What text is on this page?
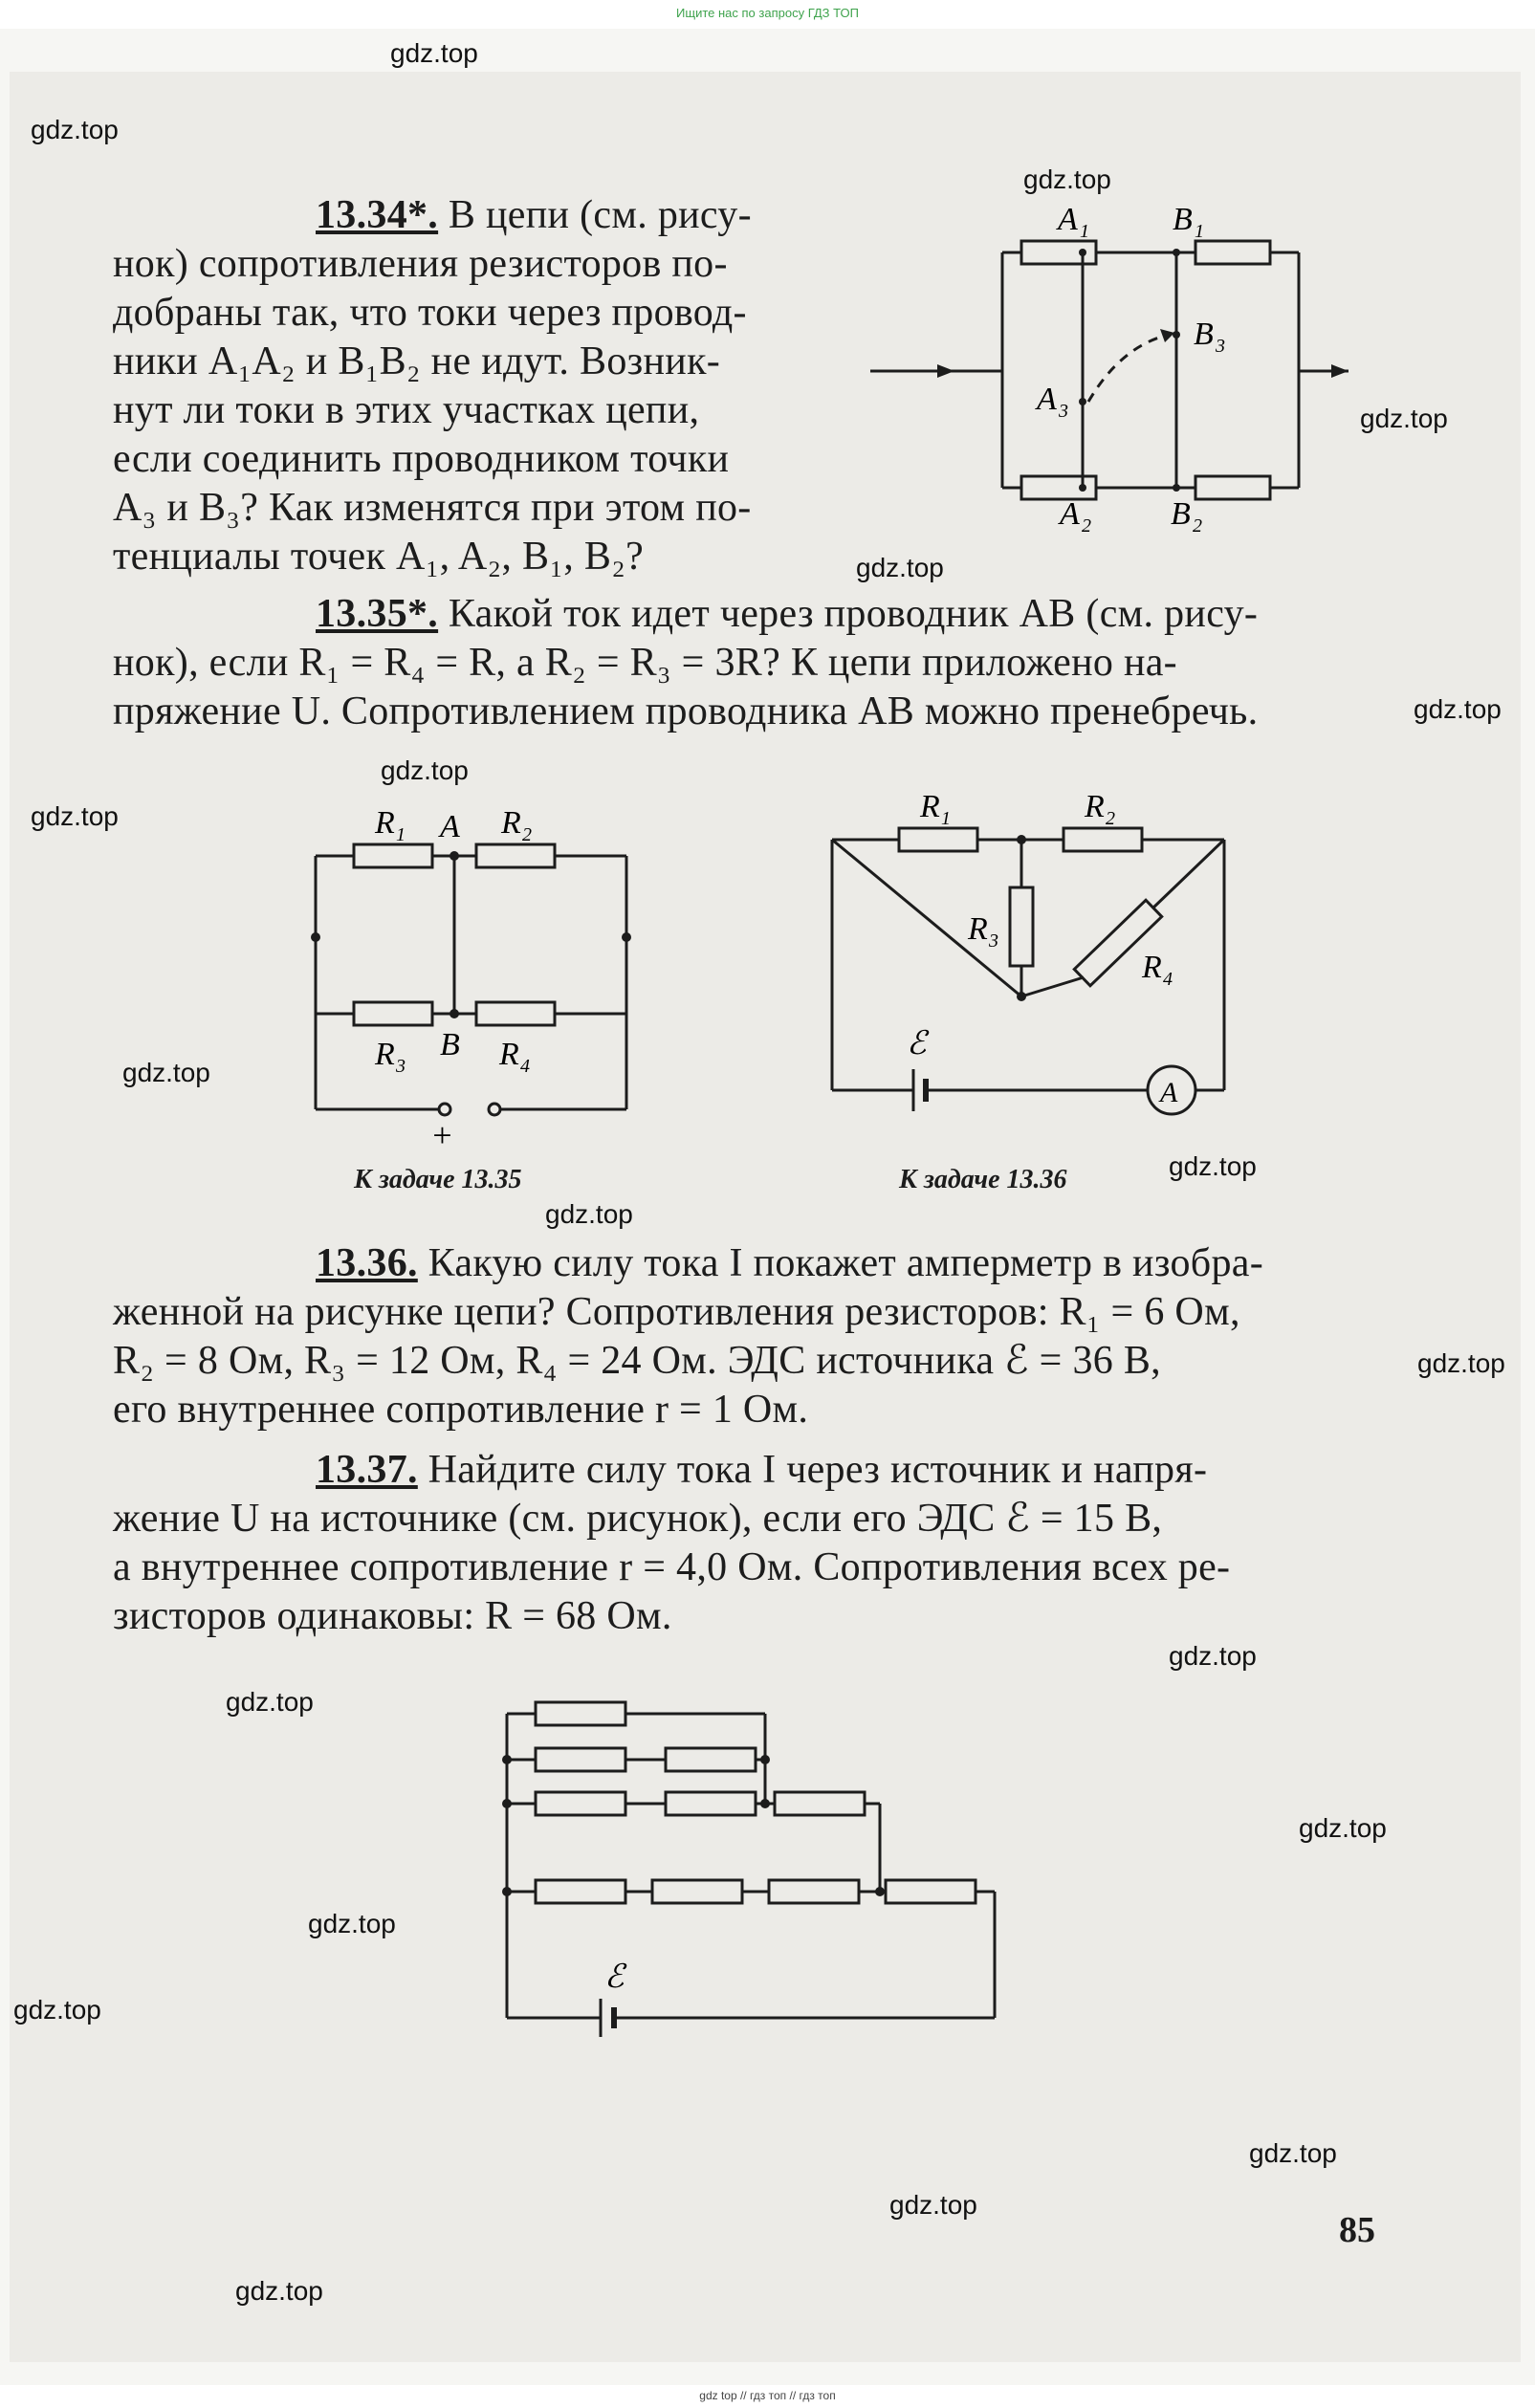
Ищите нас по запросу ГДЗ ТОП
gdz.top
gdz.top
gdz.top
gdz.top
gdz.top
gdz.top
gdz.top
gdz.top
gdz.top
gdz.top
gdz.top
gdz.top
gdz.top
gdz.top
gdz.top
gdz.top
gdz.top
gdz.top
gdz.top
gdz.top
13.34*. В цепи (см. рису-
нок) сопротивления резисторов по-
добраны так, что токи через провод-
ники A₁A₂ и B₁B₂ не идут. Возник-
нут ли токи в этих участках цепи,
если соединить проводником точки
A₃ и B₃? Как изменятся при этом по-
тенциалы точек A₁, A₂, B₁, B₂?
A 1	B 1
B 3
A 3
A 2 B 2
13.35*. Какой ток идет через проводник AB (см. рису-
нок), если R₁ = R₄ = R, а R₂ = R₃ = 3R? К цепи приложено на-
пряжение U. Сопротивлением проводника AB можно пренебречь.
R 1	R 2
A
B
R 3	R 4
+
К задаче 13.35
R 1	R 2
R 3
R 4
ℰ
A
К задаче 13.36
13.36. Какую силу тока I покажет амперметр в изобра-
женной на рисунке цепи? Сопротивления резисторов: R₁ = 6 Ом,
R₂ = 8 Ом, R₃ = 12 Ом, R₄ = 24 Ом. ЭДС источника ℰ = 36 В,
его внутреннее сопротивление r = 1 Ом.
13.37. Найдите силу тока I через источник и напря-
жение U на источнике (см. рисунок), если его ЭДС ℰ = 15 В,
а внутреннее сопротивление r = 4,0 Ом. Сопротивления всех ре-
зисторов одинаковы: R = 68 Ом.
ℰ
85
gdz top // гдз топ // гдз топ
